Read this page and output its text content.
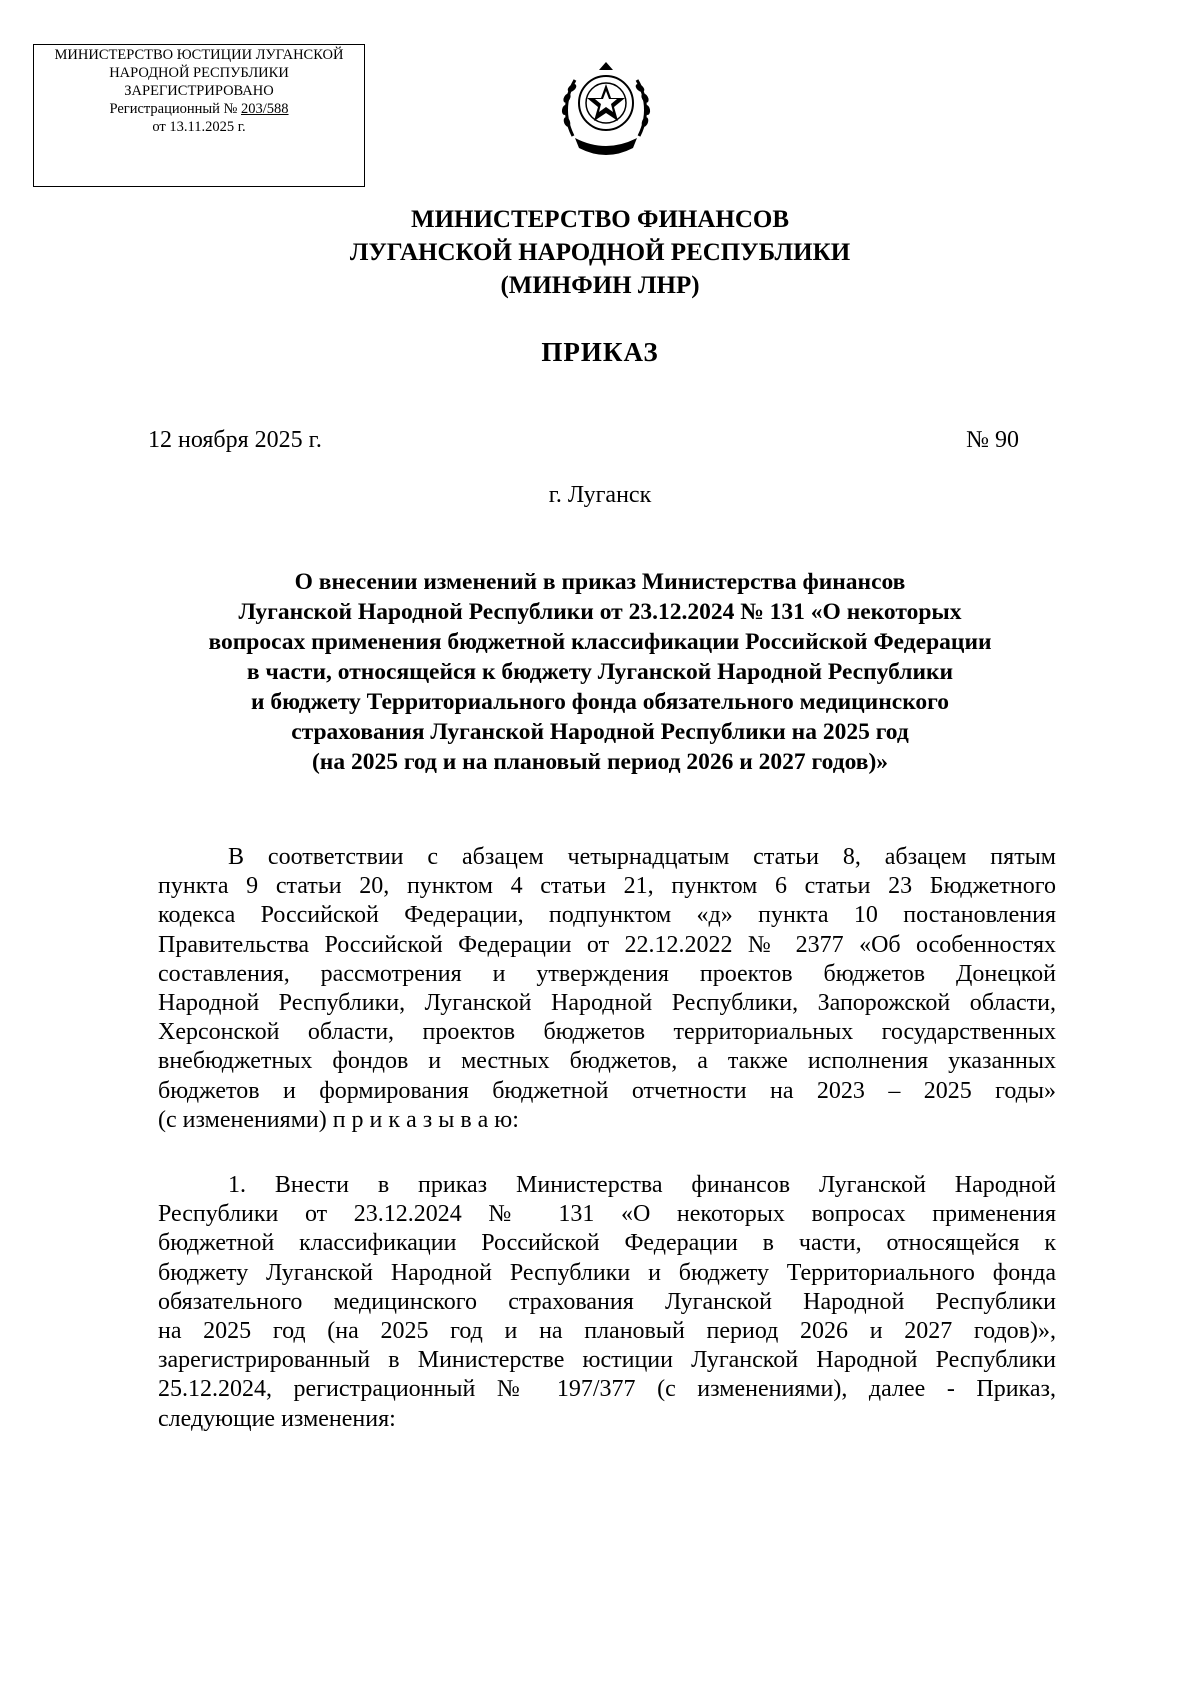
МИНИСТЕРСТВО ЮСТИЦИИ ЛУГАНСКОЙ
НАРОДНОЙ РЕСПУБЛИКИ
ЗАРЕГИСТРИРОВАНО
Регистрационный № 203/588
от 13.11.2025 г.
МИНИСТЕРСТВО ФИНАНСОВ
ЛУГАНСКОЙ НАРОДНОЙ РЕСПУБЛИКИ
(МИНФИН ЛНР)
ПРИКАЗ
12 ноября 2025 г.	№ 90
г. Луганск
О внесении изменений в приказ Министерства финансов
Луганской Народной Республики от 23.12.2024 № 131 «О некоторых
вопросах применения бюджетной классификации Российской Федерации
в части, относящейся к бюджету Луганской Народной Республики
и бюджету Территориального фонда обязательного медицинского
страхования Луганской Народной Республики на 2025 год
(на 2025 год и на плановый период 2026 и 2027 годов)»
В соответствии с абзацем четырнадцатым статьи 8, абзацем пятым
пункта 9 статьи 20, пунктом 4 статьи 21, пунктом 6 статьи 23 Бюджетного
кодекса Российской Федерации, подпунктом «д» пункта 10 постановления
Правительства Российской Федерации от 22.12.2022 № 2377 «Об особенностях
составления, рассмотрения и утверждения проектов бюджетов Донецкой
Народной Республики, Луганской Народной Республики, Запорожской области,
Херсонской области, проектов бюджетов территориальных государственных
внебюджетных фондов и местных бюджетов, а также исполнения указанных
бюджетов и формирования бюджетной отчетности на 2023 – 2025 годы»
(с изменениями) п р и к а з ы в а ю:
1. Внести в приказ Министерства финансов Луганской Народной
Республики от 23.12.2024 № 131 «О некоторых вопросах применения
бюджетной классификации Российской Федерации в части, относящейся к
бюджету Луганской Народной Республики и бюджету Территориального фонда
обязательного медицинского страхования Луганской Народной Республики
на 2025 год (на 2025 год и на плановый период 2026 и 2027 годов)»,
зарегистрированный в Министерстве юстиции Луганской Народной Республики
25.12.2024, регистрационный № 197/377 (с изменениями), далее - Приказ,
следующие изменения:
